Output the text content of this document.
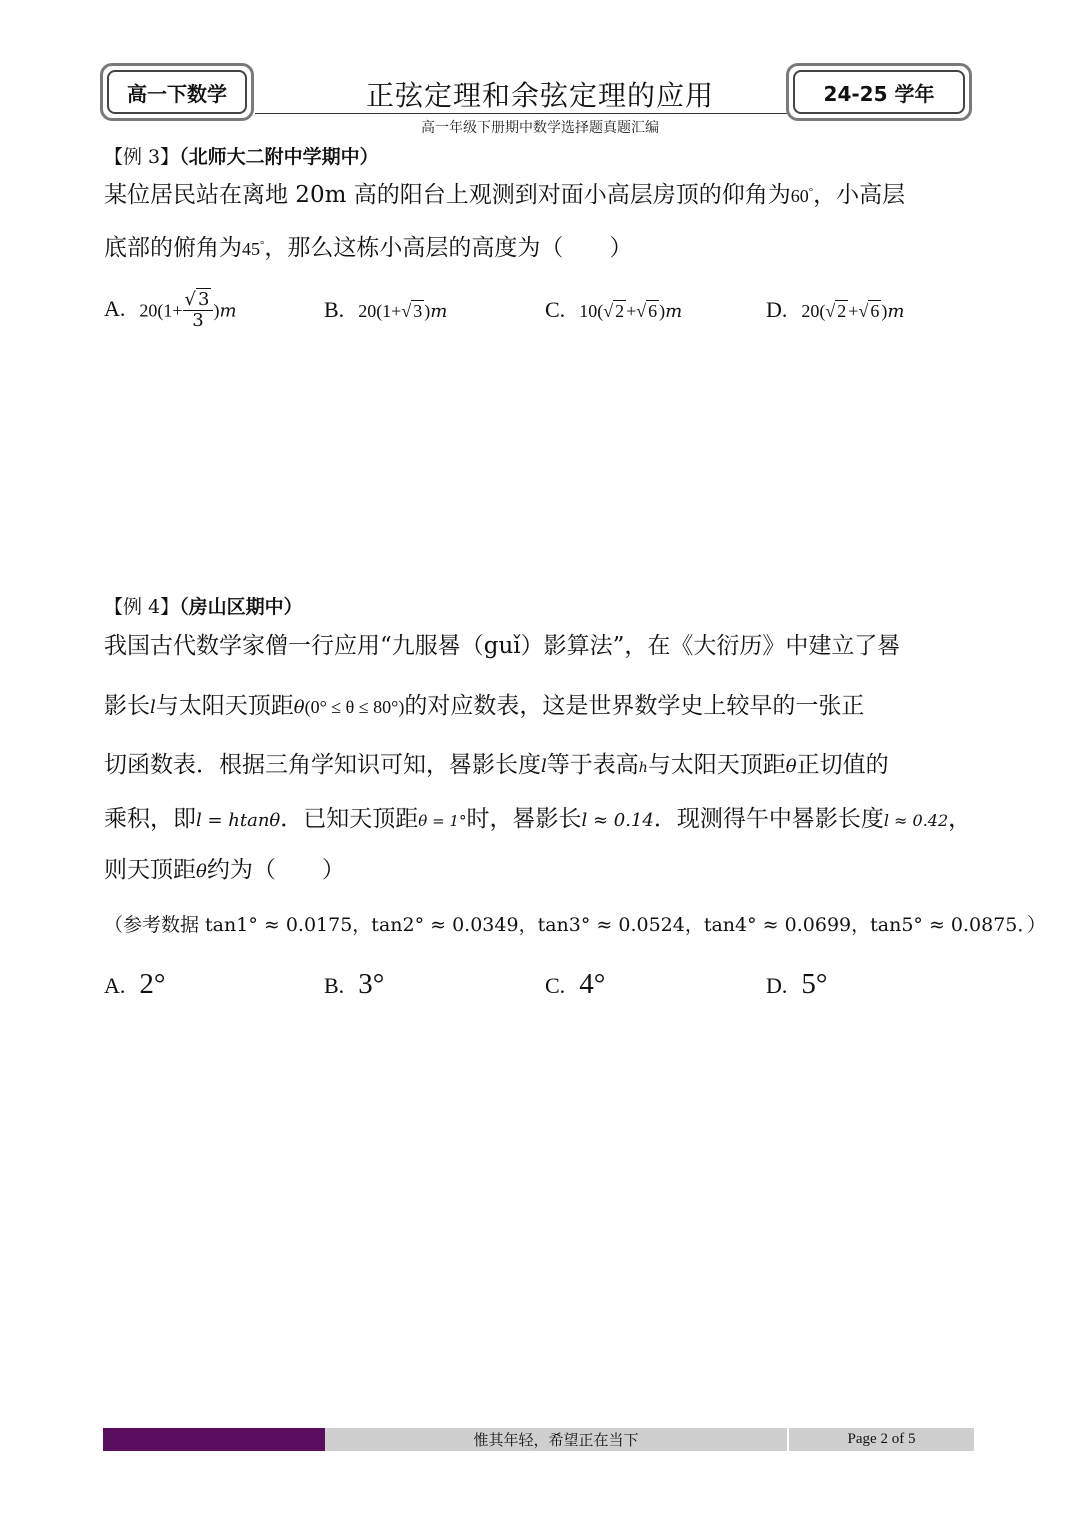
高一下数学	正弦定理和余弦定理的应用
高一年级下册期中数学选择题真题汇编
24-25 学年
【例 3】（北师大二附中学期中）
某位居民站在离地 20m 高的阳台上观测到对面小高层房顶的仰角为60°，小高层
底部的俯角为45°，那么这栋小高层的高度为（　　）
A. $20(1+ \frac{√ 3}{3} )m$	B. 20(1+√ 3 )m	C. 10(√ 2 +√ 6 )m	D. 20(√ 2 +√ 6 )m
【例 4】（房山区期中）
我国古代数学家僧一行应用“九服晷（guǐ）影算法”，在《大衍历》中建立了晷
影长l与太阳天顶距θ(0° ≤ θ ≤ 80°)的对应数表，这是世界数学史上较早的一张正
切函数表．根据三角学知识可知，晷影长度l等于表高h与太阳天顶距θ正切值的
乘积，即l = htanθ．已知天顶距θ = 1°时，晷影长l ≈ 0.14．现测得午中晷影长度l ≈ 0.42，
则天顶距θ约为（　　）
（参考数据 tan1° ≈ 0.0175，tan2° ≈ 0.0349，tan3° ≈ 0.0524，tan4° ≈ 0.0699，tan5° ≈ 0.0875．）
A. 2°	B. 3°	C. 4°	D. 5°
惟其年轻，希望正在当下	Page 2 of 5
